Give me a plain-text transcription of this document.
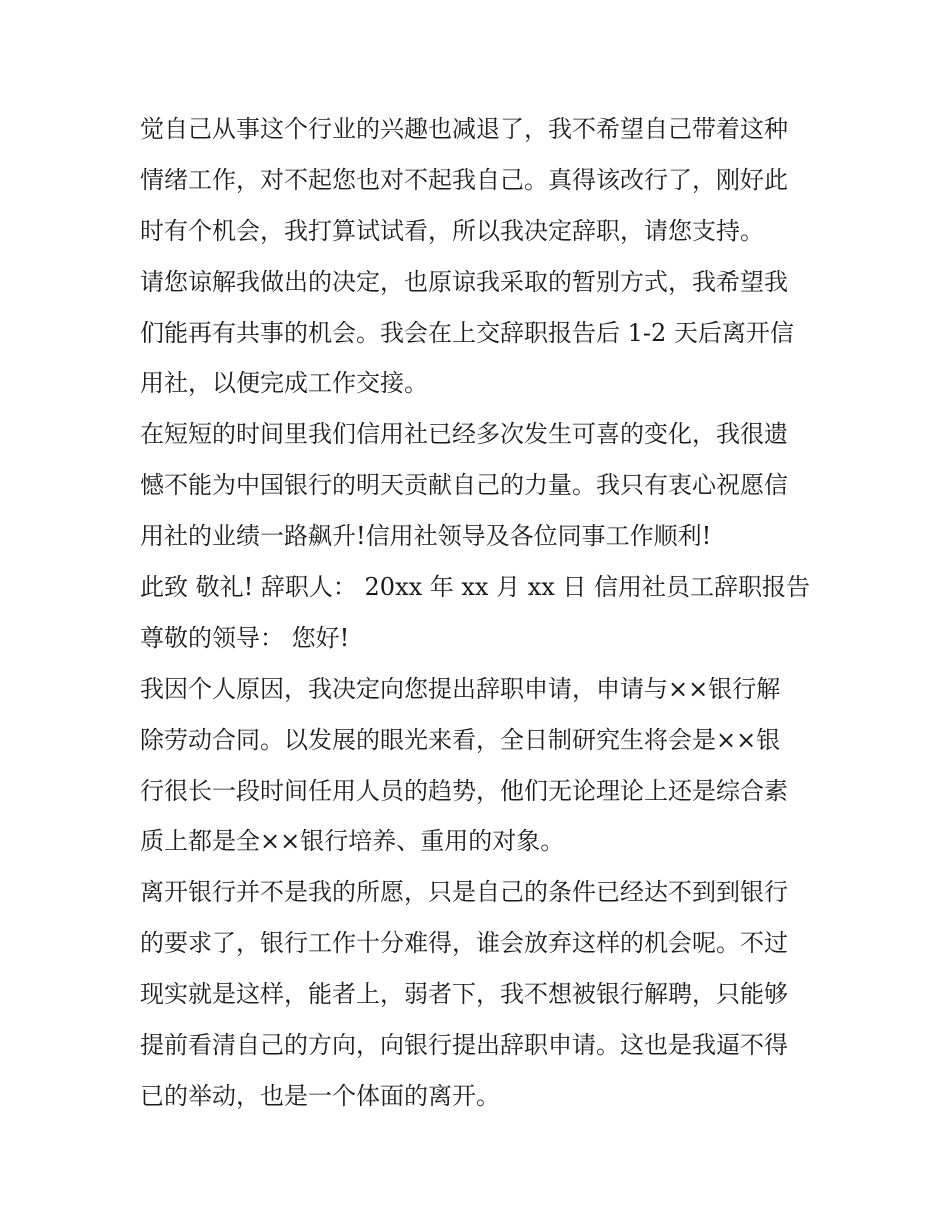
觉自己从事这个行业的兴趣也减退了，我不希望自己带着这种
情绪工作，对不起您也对不起我自己。真得该改行了，刚好此
时有个机会，我打算试试看，所以我决定辞职，请您支持。
请您谅解我做出的决定，也原谅我采取的暂别方式，我希望我
们能再有共事的机会。我会在上交辞职报告后 1-2 天后离开信
用社，以便完成工作交接。
在短短的时间里我们信用社已经多次发生可喜的变化，我很遗
憾不能为中国银行的明天贡献自己的力量。我只有衷心祝愿信
用社的业绩一路飙升!信用社领导及各位同事工作顺利!
此致 敬礼! 辞职人： 20xx 年 xx 月 xx 日 信用社员工辞职报告
尊敬的领导： 您好!
我因个人原因，我决定向您提出辞职申请，申请与××银行解
除劳动合同。以发展的眼光来看，全日制研究生将会是××银
行很长一段时间任用人员的趋势，他们无论理论上还是综合素
质上都是全××银行培养、重用的对象。
离开银行并不是我的所愿，只是自己的条件已经达不到到银行
的要求了，银行工作十分难得，谁会放弃这样的机会呢。不过
现实就是这样，能者上，弱者下，我不想被银行解聘，只能够
提前看清自己的方向，向银行提出辞职申请。这也是我逼不得
已的举动，也是一个体面的离开。
